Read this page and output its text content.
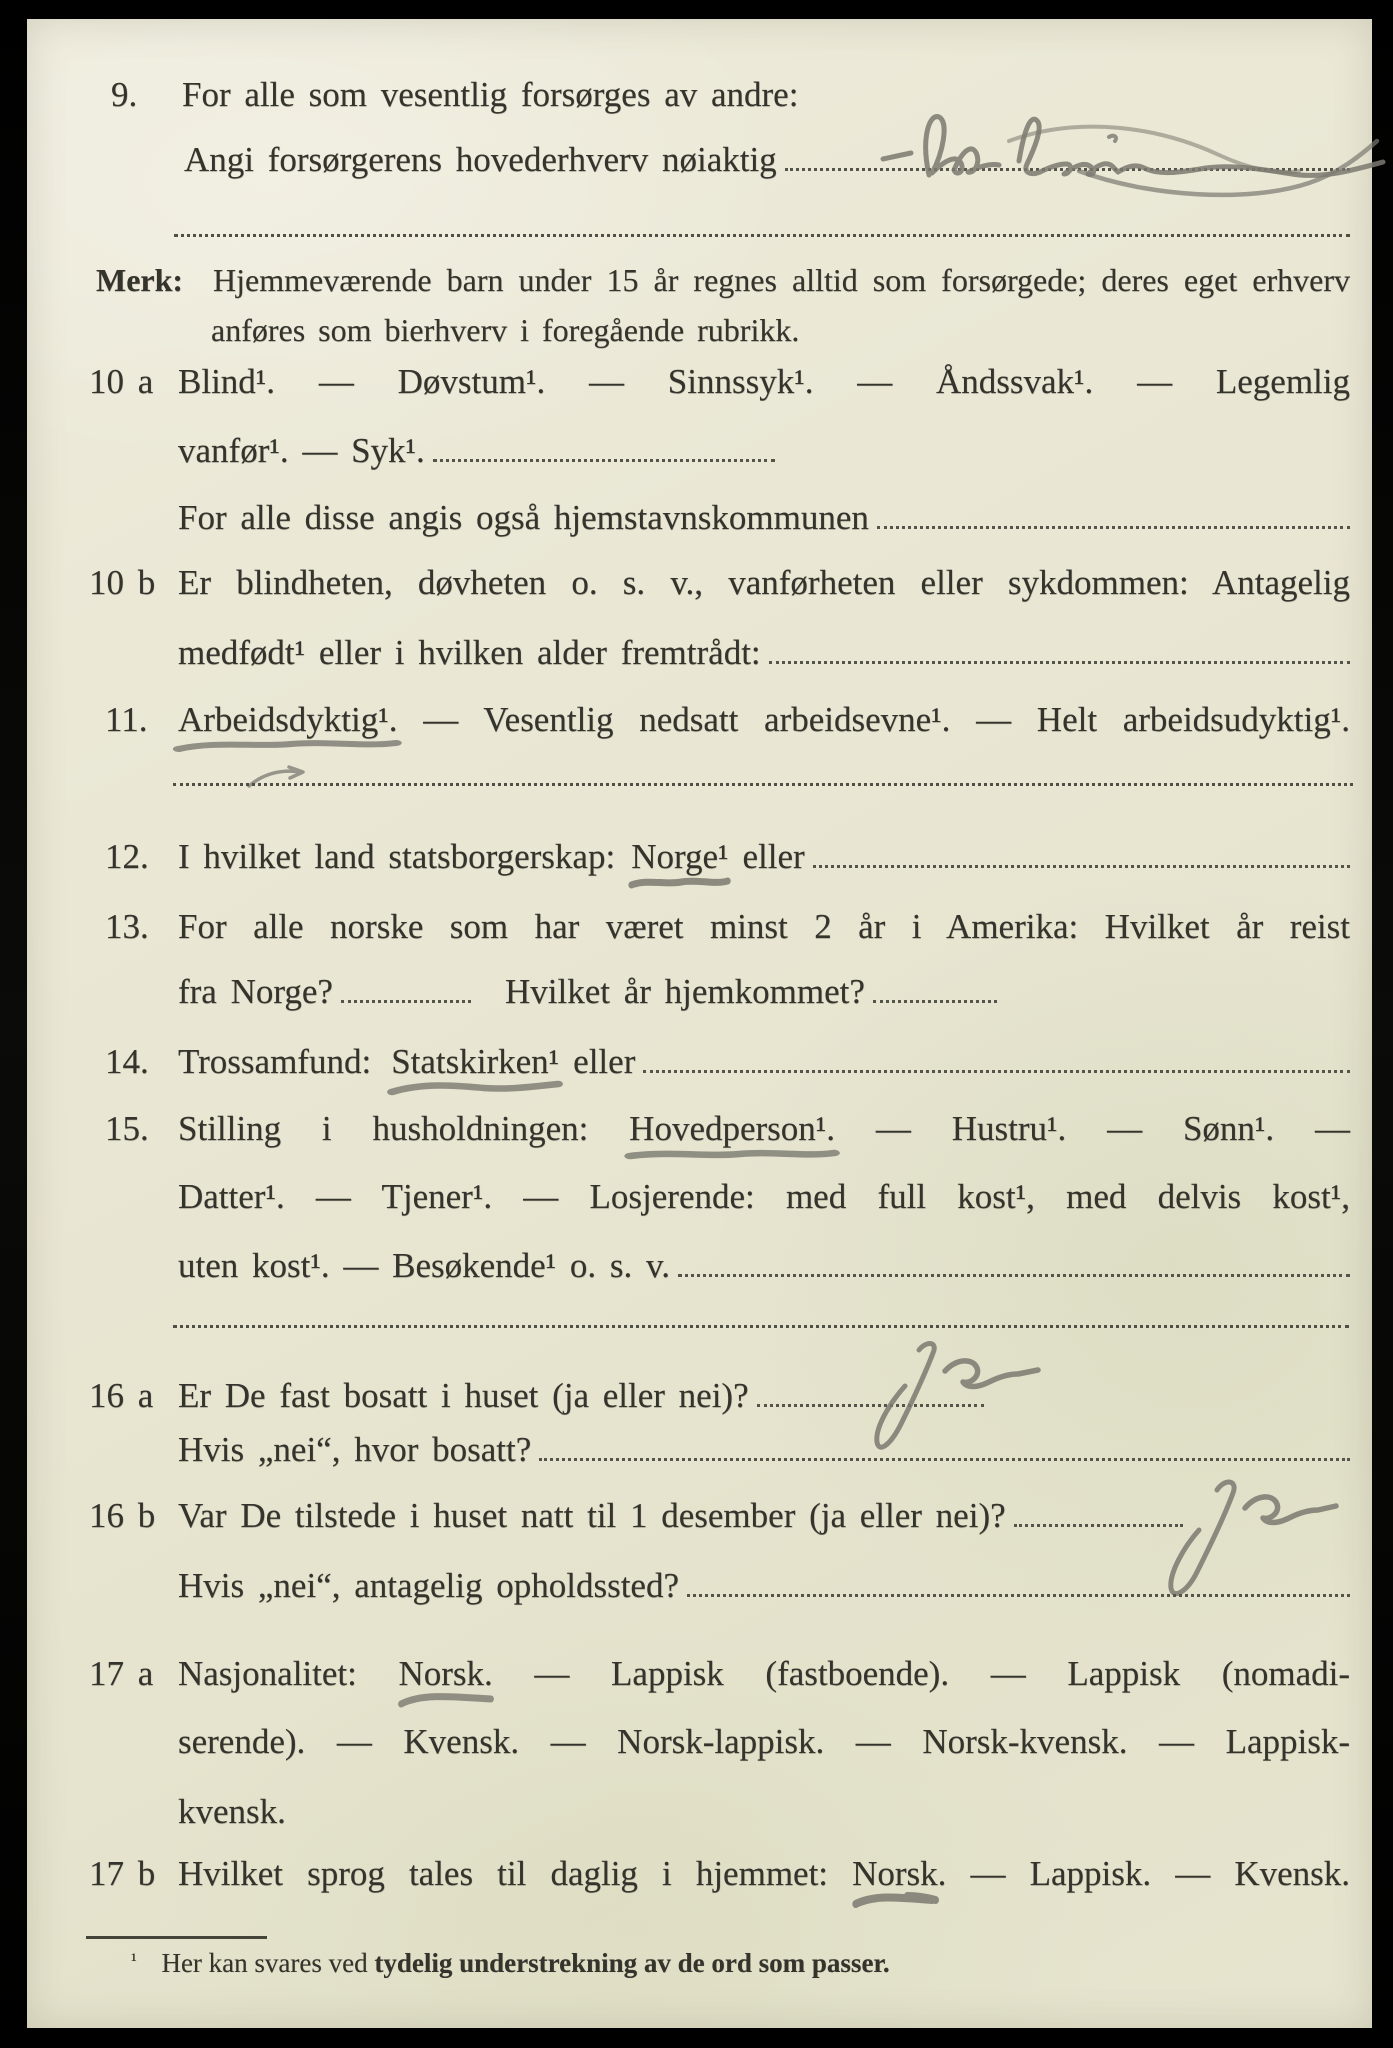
9. For alle som vesentlig forsørges av andre:
Angi forsørgerens hovederhverv nøiaktig
Merk: Hjemmeværende barn under 15 år regnes alltid som forsørgede; deres eget erhverv
anføres som bierhverv i foregående rubrikk.
10 a Blind¹. — Døvstum¹. — Sinnssyk¹. — Åndssvak¹. — Legemlig
vanfør¹. — Syk¹.
For alle disse angis også hjemstavnskommunen
10 b Er blindheten, døvheten o. s. v., vanførheten eller sykdommen: Antagelig
medfødt¹ eller i hvilken alder fremtrådt:
11. Arbeidsdyktig¹. — Vesentlig nedsatt arbeidsevne¹. — Helt arbeidsudyktig¹.
12. I hvilket land statsborgerskap: Norge¹ eller
13. For alle norske som har været minst 2 år i Amerika: Hvilket år reist
fra Norge?	Hvilket år hjemkommet?
14. Trossamfund: Statskirken¹ eller
15. Stilling i husholdningen: Hovedperson¹. — Hustru¹. — Sønn¹. —
Datter¹. — Tjener¹. — Losjerende: med full kost¹, med delvis kost¹,
uten kost¹. — Besøkende¹ o. s. v.
16 a Er De fast bosatt i huset (ja eller nei)?
Hvis „nei“, hvor bosatt?
16 b Var De tilstede i huset natt til 1 desember (ja eller nei)?
Hvis „nei“, antagelig opholdssted?
17 a Nasjonalitet: Norsk. — Lappisk (fastboende). — Lappisk (nomadi-
serende). — Kvensk. — Norsk-lappisk. — Norsk-kvensk. — Lappisk-
kvensk.
17 b Hvilket sprog tales til daglig i hjemmet: Norsk. — Lappisk. — Kvensk.
$^{^1}$ Her kan svares ved tydelig understrekning av de ord som passer.
